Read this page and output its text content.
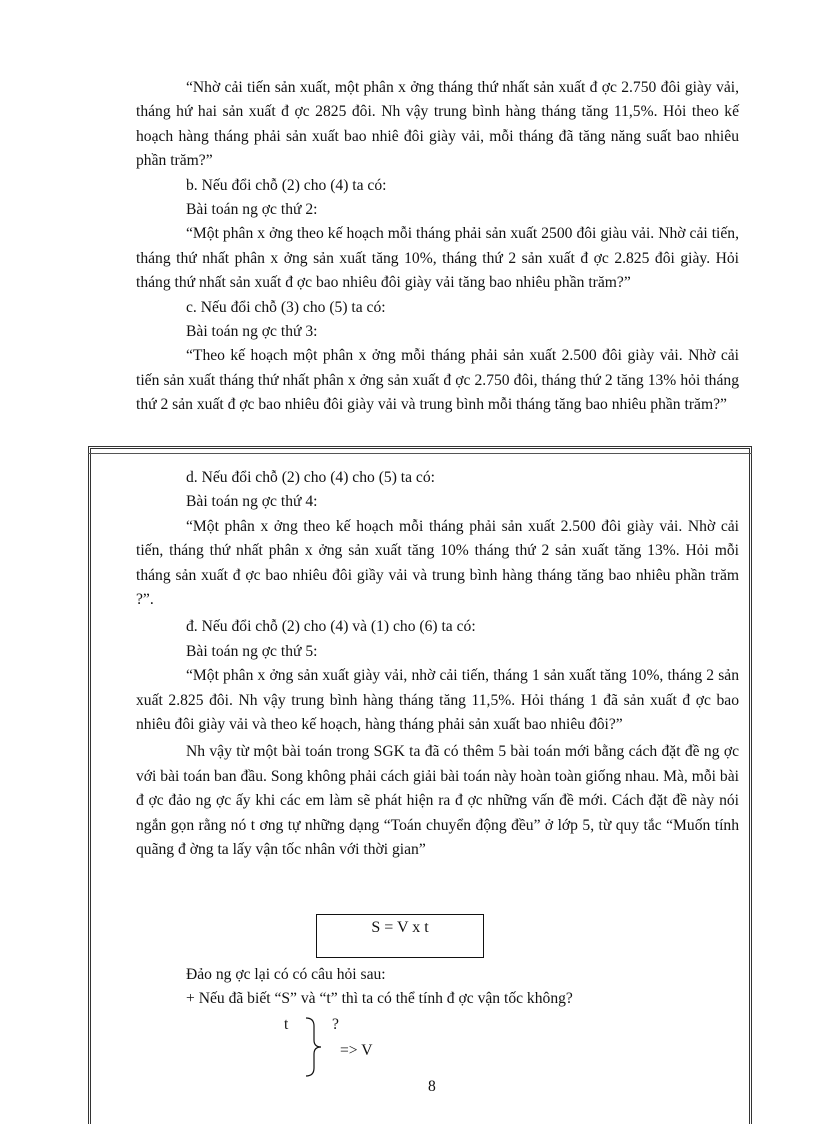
“Nhờ cải tiến sản xuất, một phân x ởng tháng thứ nhất sản xuất đ ợc 2.750 đôi giày vải, tháng hứ hai sản xuất đ ợc 2825 đôi. Nh vậy trung bình hàng tháng tăng 11,5%. Hỏi theo kế hoạch hàng tháng phải sản xuất bao nhiê đôi giày vải, mỗi tháng đã tăng năng suất bao nhiêu phần trăm?”

b. Nếu đổi chỗ (2) cho (4) ta có:

Bài toán ng ợc thứ 2:

“Một phân x ởng theo kế hoạch mỗi tháng phải sản xuất 2500 đôi giàu vải. Nhờ cải tiến, tháng thứ nhất phân x ởng sản xuất tăng 10%, tháng thứ 2 sản xuất đ ợc 2.825 đôi giày. Hỏi tháng thứ nhất sản xuất đ ợc bao nhiêu đôi giày vải tăng bao nhiêu phần trăm?”

c. Nếu đổi chỗ (3) cho (5) ta có:

Bài toán ng ợc thứ 3:

“Theo kế hoạch một phân x ởng mỗi tháng phải sản xuất 2.500 đôi giày vải. Nhờ cải tiến sản xuất tháng thứ nhất phân x ởng sản xuất đ ợc 2.750 đôi, tháng thứ 2 tăng 13% hỏi tháng thứ 2 sản xuất đ ợc bao nhiêu đôi giày vải và trung bình mỗi tháng tăng bao nhiêu phần trăm?”

d. Nếu đổi chỗ (2) cho (4) cho (5) ta có:

Bài toán ng ợc thứ 4:

“Một phân x ởng theo kế hoạch mỗi tháng phải sản xuất 2.500 đôi giày vải. Nhờ cải tiến, tháng thứ nhất phân x ởng sản xuất tăng 10% tháng thứ 2 sản xuất tăng 13%. Hỏi mỗi tháng sản xuất đ ợc bao nhiêu đôi giầy vải và trung bình hàng tháng tăng bao nhiêu phần trăm ?”.

đ. Nếu đổi chỗ (2) cho (4) và (1) cho (6) ta có:

Bài toán ng ợc thứ 5:

“Một phân x ởng sản xuất giày vải, nhờ cải tiến, tháng 1 sản xuất tăng 10%, tháng 2 sản xuất 2.825 đôi. Nh vậy trung bình hàng tháng tăng 11,5%. Hỏi tháng 1 đã sản xuất đ ợc bao nhiêu đôi giày vải và theo kế hoạch, hàng tháng phải sản xuất bao nhiêu đôi?”

Nh vậy từ một bài toán trong SGK ta đã có thêm 5 bài toán mới bằng cách đặt đề ng ợc với bài toán ban đầu. Song không phải cách giải bài toán này hoàn toàn giống nhau. Mà, mỗi bài đ ợc đảo ng ợc ấy khi các em làm sẽ phát hiện ra đ ợc những vấn đề mới. Cách đặt đề này nói ngắn gọn rằng nó t ơng tự những dạng “Toán chuyển động đều” ở lớp 5, từ quy tắc “Muốn tính quãng đ ờng ta lấy vận tốc nhân với thời gian”

S = V x t
Đảo ng ợc lại có có câu hỏi sau:
+ Nếu đã biết “S” và “t” thì ta có thể tính đ ợc vận tốc không?
t	?
=> V
8
